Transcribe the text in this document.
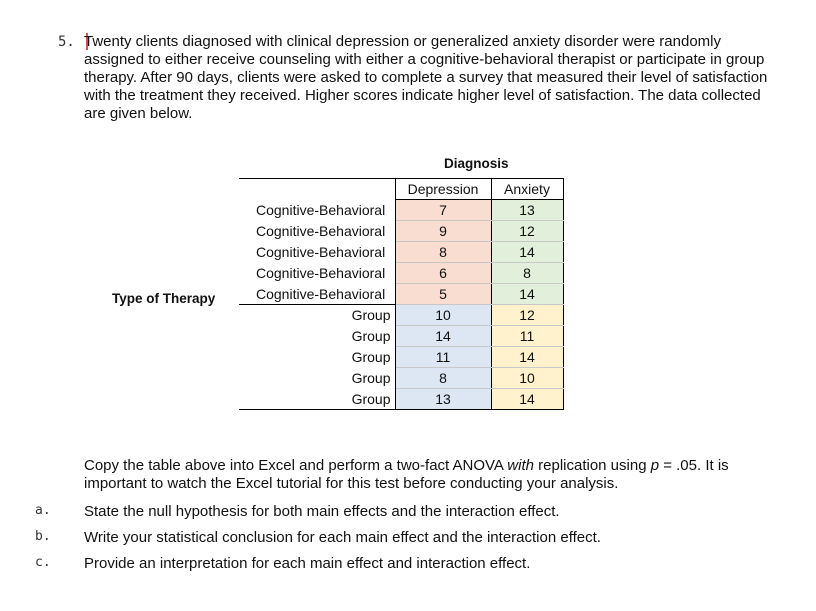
5. Twenty clients diagnosed with clinical depression or generalized anxiety disorder were randomly assigned to either receive counseling with either a cognitive-behavioral therapist or participate in group therapy. After 90 days, clients were asked to complete a survey that measured their level of satisfaction with the treatment they received. Higher scores indicate higher level of satisfaction. The data collected are given below.

Diagnosis
Type of Therapy
	Depression	Anxiety
Cognitive-Behavioral	7	13
Cognitive-Behavioral	9	12
Cognitive-Behavioral	8	14
Cognitive-Behavioral	6	8
Cognitive-Behavioral	5	14
Group	10	12
Group	14	11
Group	11	14
Group	8	10
Group	13	14

Copy the table above into Excel and perform a two-fact ANOVA with replication using p = .05. It is important to watch the Excel tutorial for this test before conducting your analysis.

a. State the null hypothesis for both main effects and the interaction effect.
b. Write your statistical conclusion for each main effect and the interaction effect.
c. Provide an interpretation for each main effect and interaction effect.
